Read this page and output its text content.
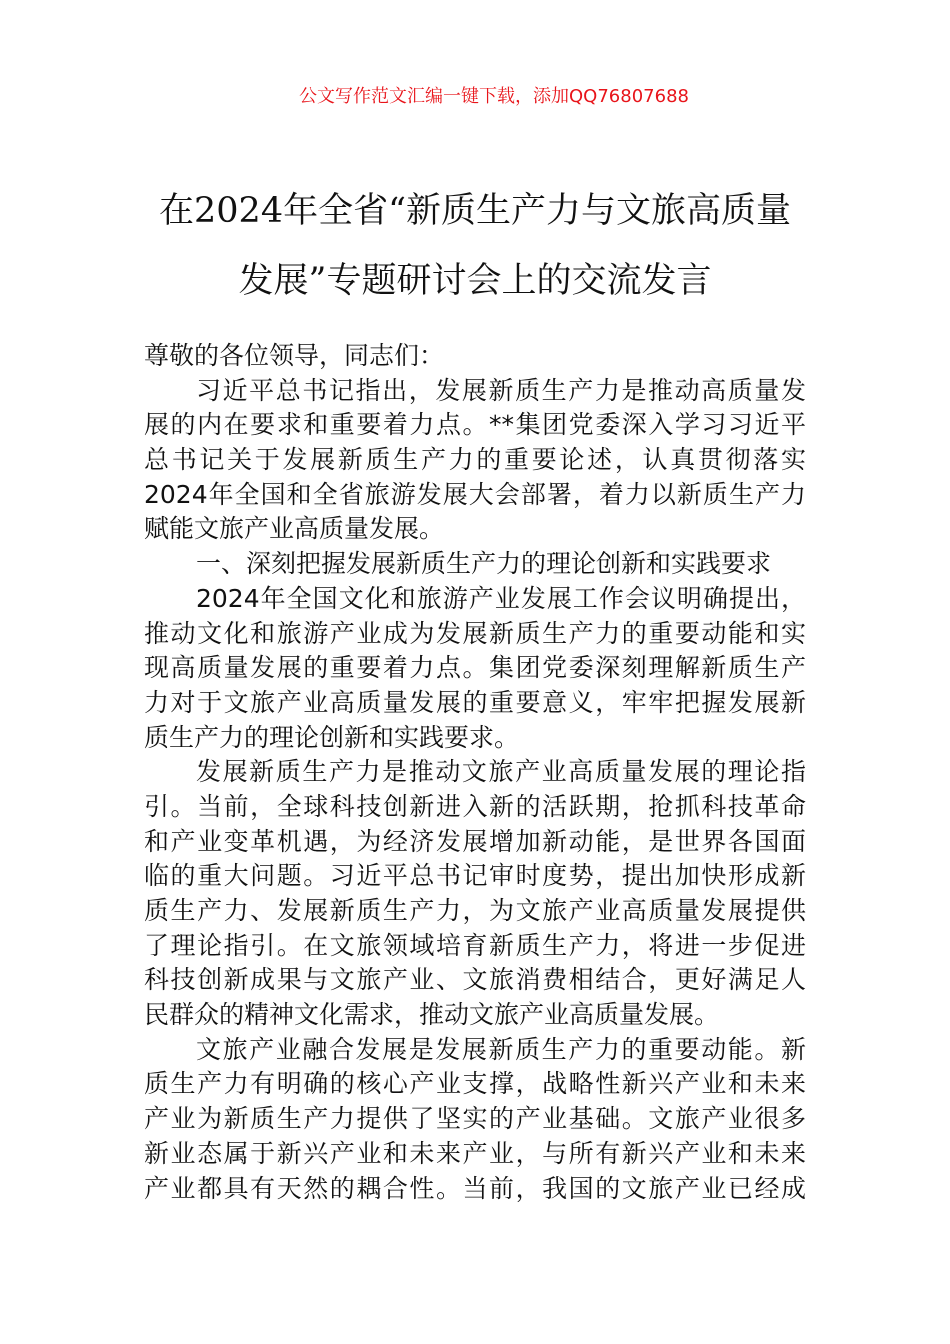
公文写作范文汇编一键下载，添加QQ76807688
在2024年全省“新质生产力与文旅高质量
发展”专题研讨会上的交流发言
尊敬的各位领导，同志们：
习近平总书记指出，发展新质生产力是推动高质量发
展的内在要求和重要着力点。**集团党委深入学习习近平
总书记关于发展新质生产力的重要论述，认真贯彻落实
2024年全国和全省旅游发展大会部署，着力以新质生产力
赋能文旅产业高质量发展。
一、深刻把握发展新质生产力的理论创新和实践要求
2024年全国文化和旅游产业发展工作会议明确提出，
推动文化和旅游产业成为发展新质生产力的重要动能和实
现高质量发展的重要着力点。集团党委深刻理解新质生产
力对于文旅产业高质量发展的重要意义，牢牢把握发展新
质生产力的理论创新和实践要求。
发展新质生产力是推动文旅产业高质量发展的理论指
引。当前，全球科技创新进入新的活跃期，抢抓科技革命
和产业变革机遇，为经济发展增加新动能，是世界各国面
临的重大问题。习近平总书记审时度势，提出加快形成新
质生产力、发展新质生产力，为文旅产业高质量发展提供
了理论指引。在文旅领域培育新质生产力，将进一步促进
科技创新成果与文旅产业、文旅消费相结合，更好满足人
民群众的精神文化需求，推动文旅产业高质量发展。
文旅产业融合发展是发展新质生产力的重要动能。新
质生产力有明确的核心产业支撑，战略性新兴产业和未来
产业为新质生产力提供了坚实的产业基础。文旅产业很多
新业态属于新兴产业和未来产业，与所有新兴产业和未来
产业都具有天然的耦合性。当前，我国的文旅产业已经成
